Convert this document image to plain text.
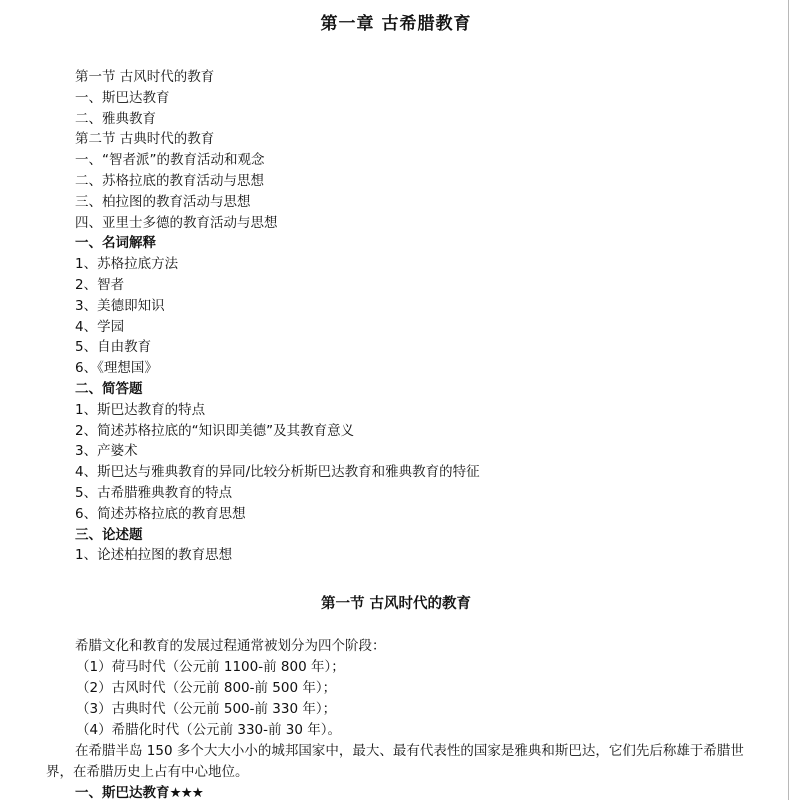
第一章 古希腊教育
第一节 古风时代的教育
一、斯巴达教育
二、雅典教育
第二节 古典时代的教育
一、“智者派”的教育活动和观念
二、苏格拉底的教育活动与思想
三、柏拉图的教育活动与思想
四、亚里士多德的教育活动与思想
一、名词解释
1、苏格拉底方法
2、智者
3、美德即知识
4、学园
5、自由教育
6、《理想国》
二、简答题
1、斯巴达教育的特点
2、简述苏格拉底的“知识即美德”及其教育意义
3、产婆术
4、斯巴达与雅典教育的异同/比较分析斯巴达教育和雅典教育的特征
5、古希腊雅典教育的特点
6、简述苏格拉底的教育思想
三、论述题
1、论述柏拉图的教育思想
第一节 古风时代的教育
希腊文化和教育的发展过程通常被划分为四个阶段：
（1）荷马时代（公元前 1100-前 800 年）；
（2）古风时代（公元前 800-前 500 年）；
（3）古典时代（公元前 500-前 330 年）；
（4）希腊化时代（公元前 330-前 30 年）。
在希腊半岛 150 多个大大小小的城邦国家中，最大、最有代表性的国家是雅典和斯巴达，它们先后称雄于希腊世界，在希腊历史上占有中心地位。
一、斯巴达教育★★★
